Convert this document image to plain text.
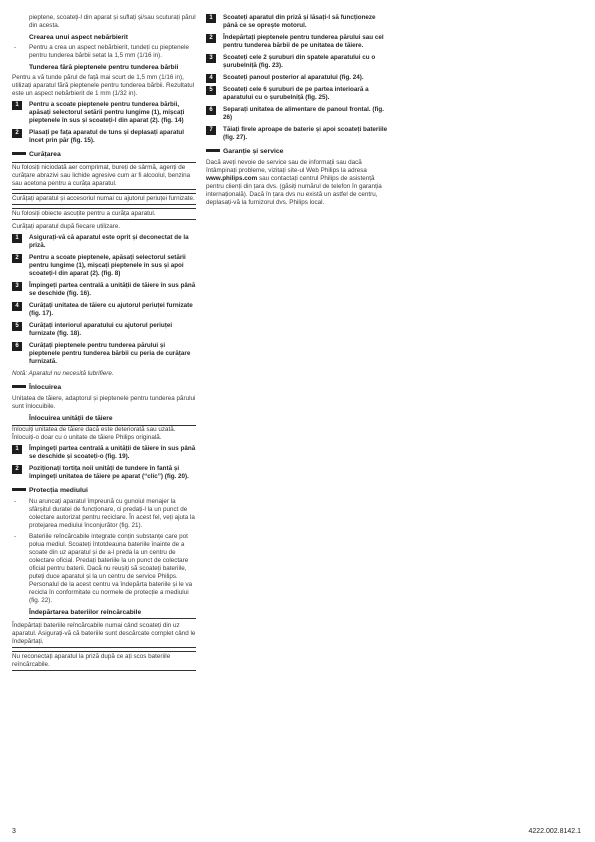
pieptene, scoateți-l din aparat și suflați și/sau scuturați părul din acesta.
Crearea unui aspect nebărbierit
- Pentru a crea un aspect nebărbierit, tundeți cu pieptenele pentru tunderea bărbii setat la 1,5 mm (1/16 in).
Tunderea fără pieptenele pentru tunderea bărbii
Pentru a vă tunde părul de față mai scurt de 1,5 mm (1/16 in), utilizați aparatul fără pieptenele pentru tunderea bărbii. Rezultatul este un aspect nebărbierit de 1 mm (1/32 in).
1	Pentru a scoate pieptenele pentru tunderea bărbii, apăsați selectorul setării pentru lungime (1), mișcați pieptenele în sus și scoateți-l din aparat (2). (fig. 14)
2	Plasați pe fața aparatul de tuns și deplasați aparatul încet prin păr (fig. 15).
Curățarea
Nu folosiți niciodată aer comprimat, bureți de sârmă, agenți de curățare abrazivi sau lichide agresive cum ar fi alcoolul, benzina sau acetona pentru a curăța aparatul.
Curățați aparatul și accesoriul numai cu ajutorul periuței furnizate.
Nu folosiți obiecte ascuțite pentru a curăța aparatul.
Curățați aparatul după fiecare utilizare.
1	Asigurați-vă că aparatul este oprit și deconectat de la priză.
2	Pentru a scoate pieptenele, apăsați selectorul setării pentru lungime (1), mișcați pieptenele în sus și apoi scoateți-l din aparat (2). (fig. 8)
3	Împingeți partea centrală a unității de tăiere în sus până se deschide (fig. 16).
4	Curățați unitatea de tăiere cu ajutorul periuței furnizate (fig. 17).
5	Curățați interiorul aparatului cu ajutorul periuței furnizate (fig. 18).
6	Curățați pieptenele pentru tunderea părului și pieptenele pentru tunderea bărbii cu peria de curățare furnizată.
Notă: Aparatul nu necesită lubrifiere.
Înlocuirea
Unitatea de tăiere, adaptorul și pieptenele pentru tunderea părului sunt înlocuibile.
Înlocuirea unității de tăiere
Înlocuiți unitatea de tăiere dacă este deteriorată sau uzată. Înlocuiți-o doar cu o unitate de tăiere Philips originală.
1	Împingeți partea centrală a unității de tăiere în sus până se deschide și scoateți-o (fig. 19).
2	Poziționați tortița noii unități de tundere în fantă și împingeți unitatea de tăiere pe aparat (“clic”) (fig. 20).
Protecția mediului
- Nu aruncați aparatul împreună cu gunoiul menajer la sfârșitul duratei de funcționare, ci predați-l la un punct de colectare autorizat pentru reciclare. În acest fel, veți ajuta la protejarea mediului înconjurător (fig. 21).
- Bateriile reîncărcabile integrate conțin substanțe care pot polua mediul. Scoateți întotdeauna bateriile înainte de a scoate din uz aparatul și de a-l preda la un centru de colectare oficial. Predați bateriile la un punct de colectare oficial pentru baterii. Dacă nu reușiți să scoateți bateriile, puteți duce aparatul și la un centru de service Philips. Personalul de la acest centru va îndepărta bateriile și le va recicla în conformitate cu normele de protecție a mediului (fig. 22).
Îndepărtarea bateriilor reîncărcabile
Îndepărtați bateriile reîncărcabile numai când scoateți din uz aparatul. Asigurați-vă că bateriile sunt descărcate complet când le îndepărtați.
Nu reconectați aparatul la priză după ce ați scos bateriile reîncărcabile.
1	Scoateți aparatul din priză și lăsați-l să funcționeze până ce se oprește motorul.
2	Îndepărtați pieptenele pentru tunderea părului sau cel pentru tunderea bărbii de pe unitatea de tăiere.
3	Scoateți cele 2 șuruburi din spatele aparatului cu o șurubelniță (fig. 23).
4	Scoateți panoul posterior al aparatului (fig. 24).
5	Scoateți cele 6 șuruburi de pe partea interioară a aparatului cu o șurubelniță (fig. 25).
6	Separați unitatea de alimentare de panoul frontal. (fig. 26)
7	Tăiați firele aproape de baterie și apoi scoateți bateriile (fig. 27).
Garanție și service
Dacă aveți nevoie de service sau de informații sau dacă întâmpinați probleme, vizitați site-ul Web Philips la adresa www.philips.com sau contactați centrul Philips de asistență pentru clienți din țara dvs. (găsiți numărul de telefon în garanția internațională). Dacă în țara dvs nu există un astfel de centru, deplasați-vă la furnizorul dvs. Philips local.
3	4222.002.8142.1
